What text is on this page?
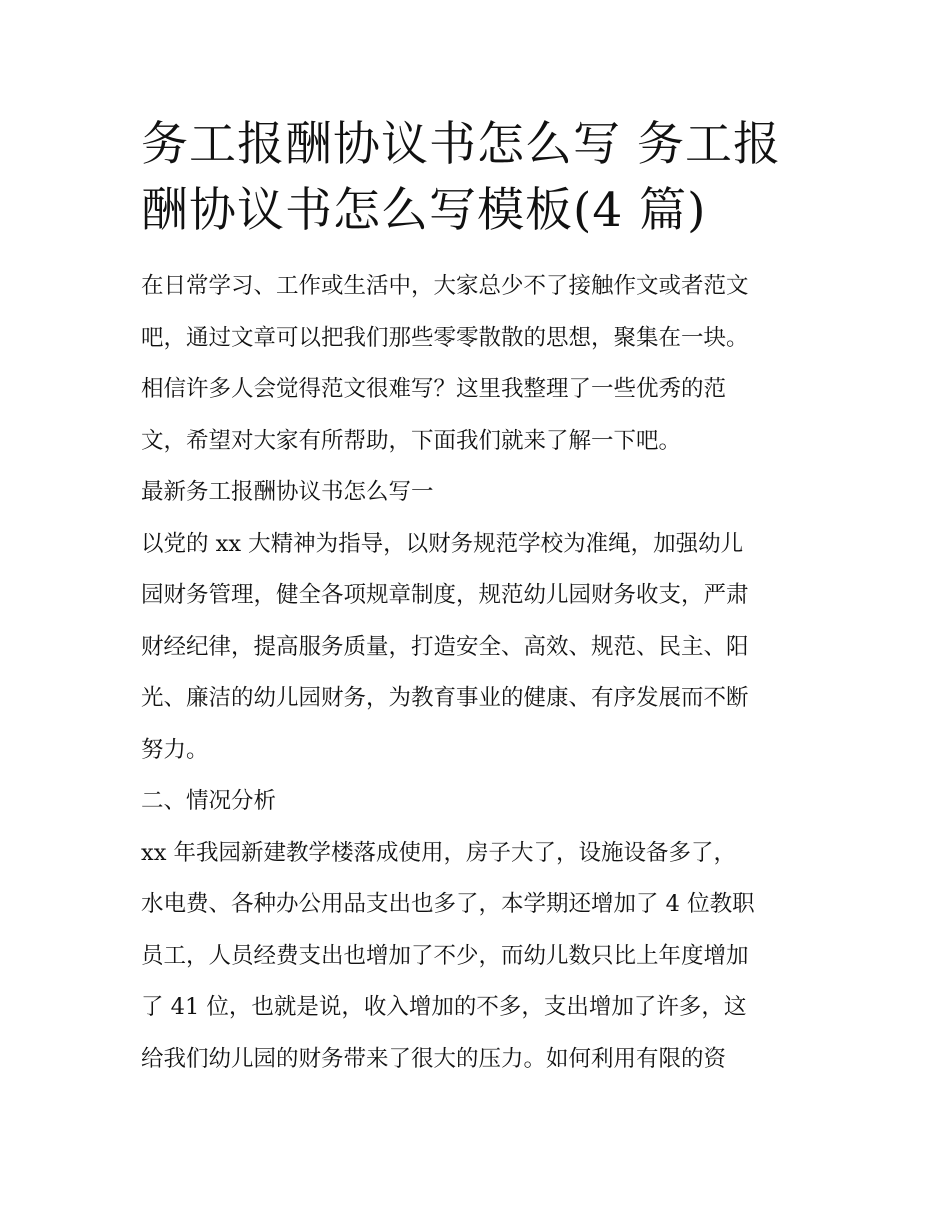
务工报酬协议书怎么写 务工报
酬协议书怎么写模板(4 篇)

在日常学习、工作或生活中，大家总少不了接触作文或者范文
吧，通过文章可以把我们那些零零散散的思想，聚集在一块。
相信许多人会觉得范文很难写？这里我整理了一些优秀的范
文，希望对大家有所帮助，下面我们就来了解一下吧。

最新务工报酬协议书怎么写一

以党的 xx 大精神为指导，以财务规范学校为准绳，加强幼儿
园财务管理，健全各项规章制度，规范幼儿园财务收支，严肃
财经纪律，提高服务质量，打造安全、高效、规范、民主、阳
光、廉洁的幼儿园财务，为教育事业的健康、有序发展而不断
努力。

二、情况分析

xx 年我园新建教学楼落成使用，房子大了，设施设备多了，
水电费、各种办公用品支出也多了，本学期还增加了 4 位教职
员工，人员经费支出也增加了不少，而幼儿数只比上年度增加
了 41 位，也就是说，收入增加的不多，支出增加了许多，这
给我们幼儿园的财务带来了很大的压力。如何利用有限的资
